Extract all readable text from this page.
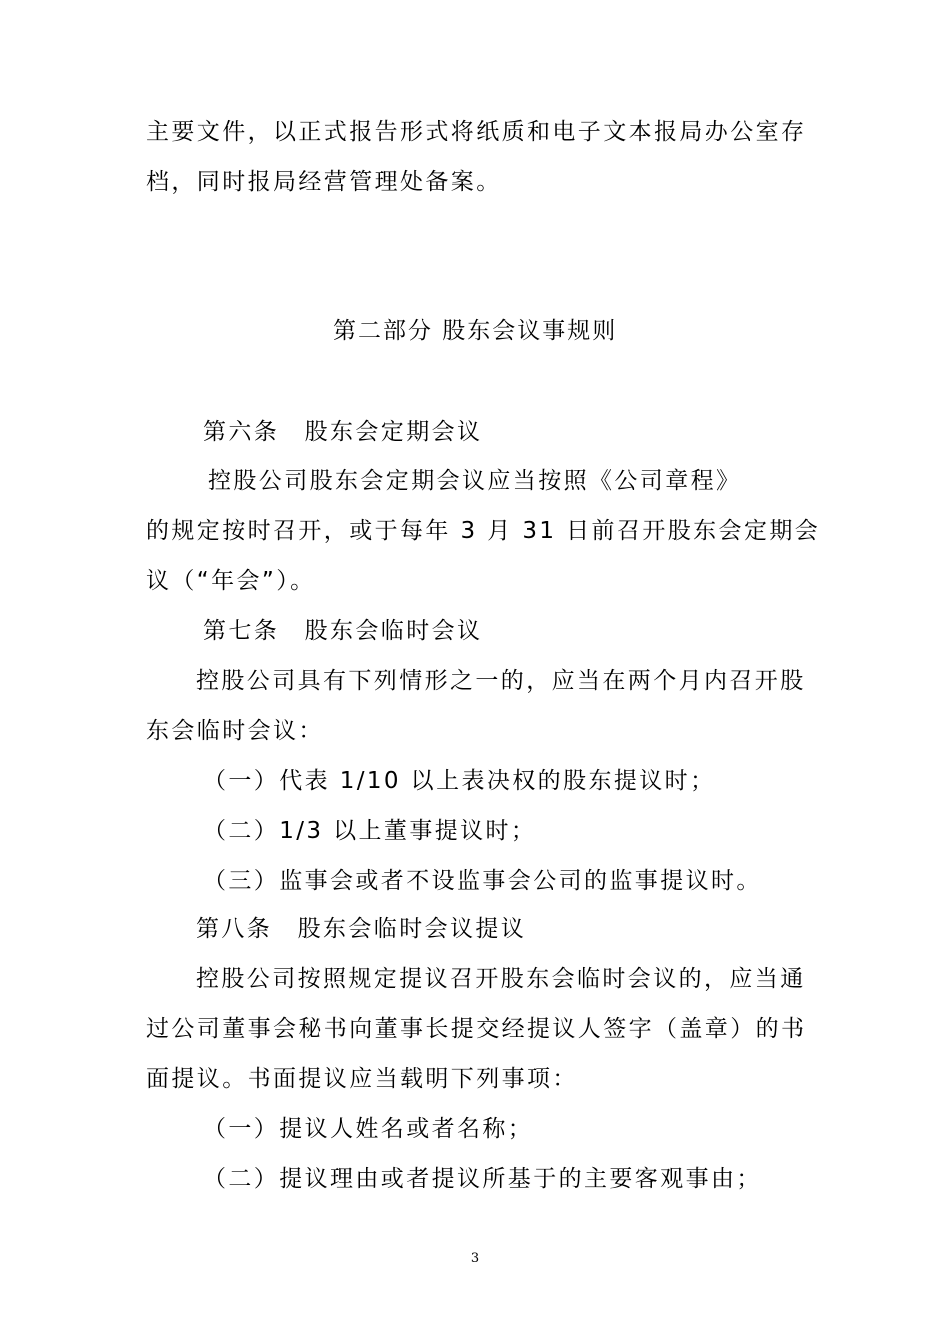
主要文件，以正式报告形式将纸质和电子文本报局办公室存
档，同时报局经营管理处备案。
第二部分 股东会议事规则
第六条　股东会定期会议
控股公司股东会定期会议应当按照《公司章程》
的规定按时召开，或于每年 3 月 31 日前召开股东会定期会
议（“年会”）。
第七条　股东会临时会议
控股公司具有下列情形之一的，应当在两个月内召开股
东会临时会议：
（一）代表 1/10 以上表决权的股东提议时；
（二）1/3 以上董事提议时；
（三）监事会或者不设监事会公司的监事提议时。
第八条　股东会临时会议提议
控股公司按照规定提议召开股东会临时会议的，应当通
过公司董事会秘书向董事长提交经提议人签字（盖章）的书
面提议。书面提议应当载明下列事项：
（一）提议人姓名或者名称；
（二）提议理由或者提议所基于的主要客观事由；
3
